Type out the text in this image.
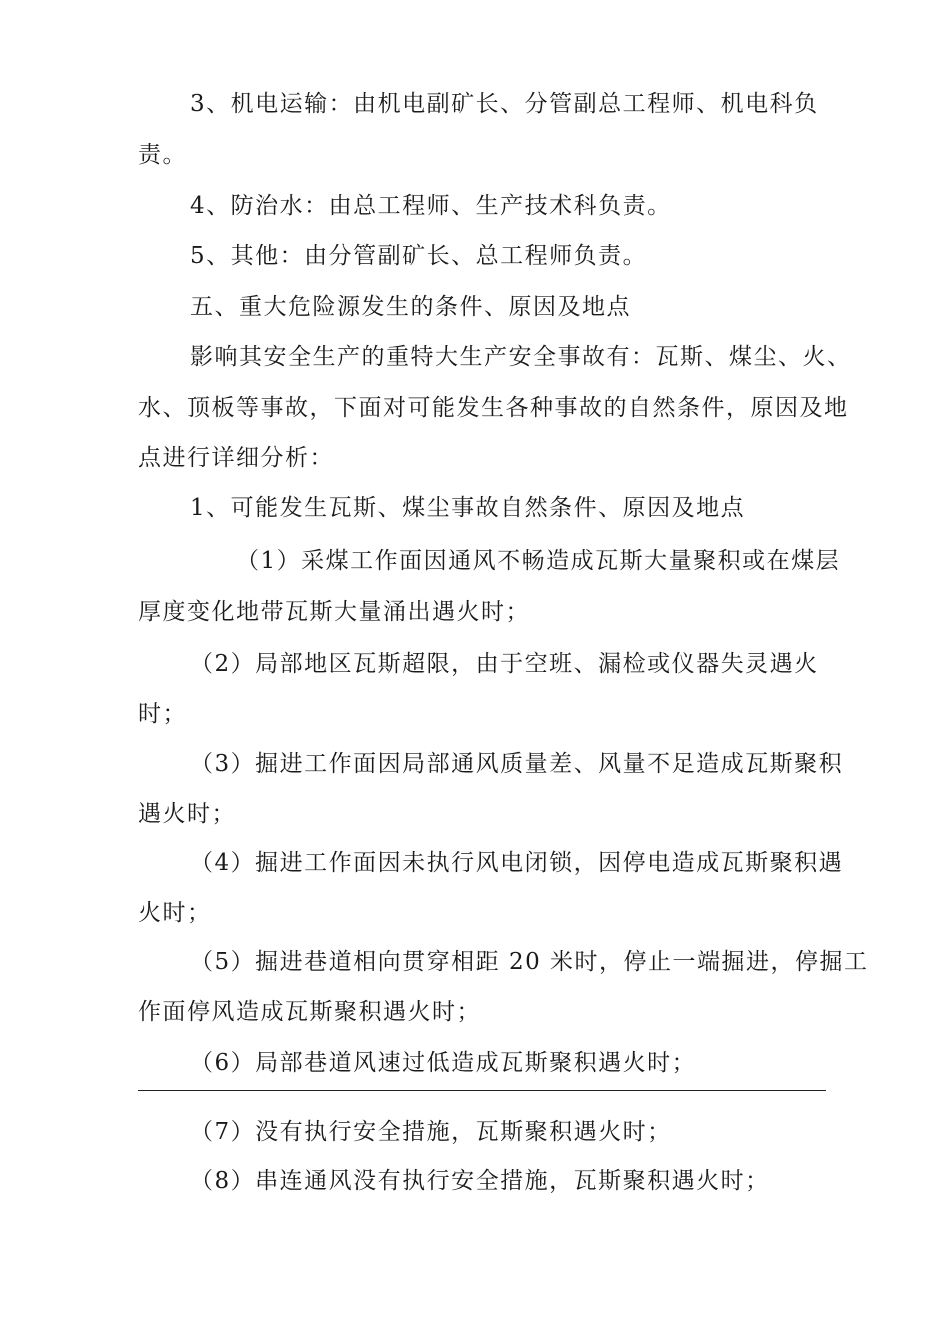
3、机电运输：由机电副矿长、分管副总工程师、机电科负
责。
4、防治水：由总工程师、生产技术科负责。
5、其他：由分管副矿长、总工程师负责。
五、重大危险源发生的条件、原因及地点
影响其安全生产的重特大生产安全事故有：瓦斯、煤尘、火、
水、顶板等事故，下面对可能发生各种事故的自然条件，原因及地
点进行详细分析：
1、可能发生瓦斯、煤尘事故自然条件、原因及地点
（1）采煤工作面因通风不畅造成瓦斯大量聚积或在煤层
厚度变化地带瓦斯大量涌出遇火时；
（2）局部地区瓦斯超限，由于空班、漏检或仪器失灵遇火
时；
（3）掘进工作面因局部通风质量差、风量不足造成瓦斯聚积
遇火时；
（4）掘进工作面因未执行风电闭锁，因停电造成瓦斯聚积遇
火时；
（5）掘进巷道相向贯穿相距 20 米时，停止一端掘进，停掘工
作面停风造成瓦斯聚积遇火时；
（6）局部巷道风速过低造成瓦斯聚积遇火时；
（7）没有执行安全措施，瓦斯聚积遇火时；
（8）串连通风没有执行安全措施，瓦斯聚积遇火时；
